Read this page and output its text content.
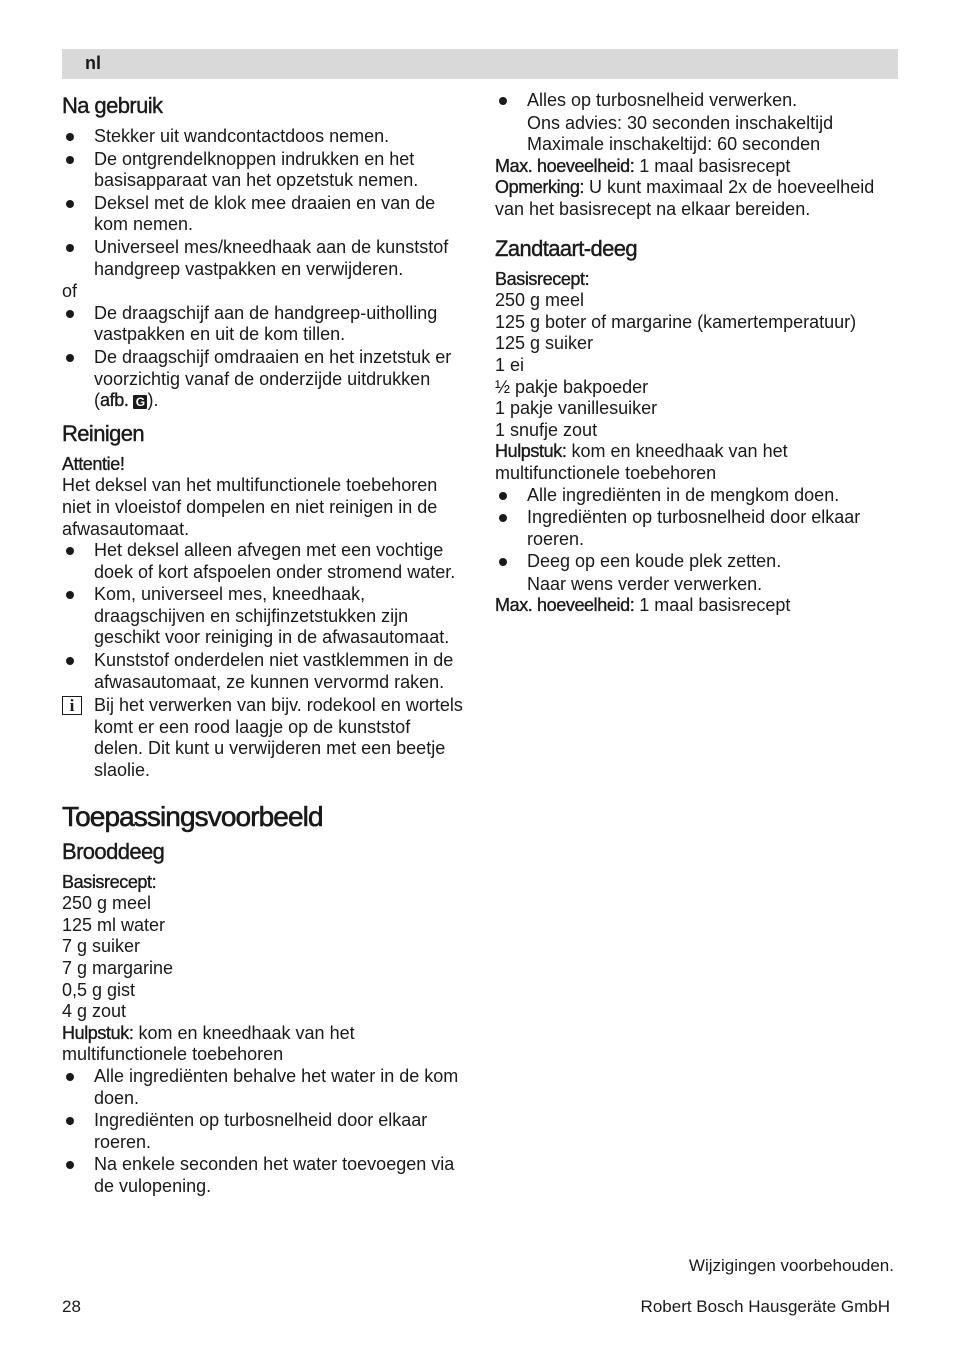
nl
Na gebruik
Stekker uit wandcontactdoos nemen.
De ontgrendelknoppen indrukken en het basisapparaat van het opzetstuk nemen.
Deksel met de klok mee draaien en van de kom nemen.
Universeel mes/kneedhaak aan de kunststof handgreep vastpakken en verwijderen.

of

De draagschijf aan de handgreep-uitholling vastpakken en uit de kom tillen.
De draagschijf omdraaien en het inzetstuk er voorzichtig vanaf de onderzijde uitdrukken (afb. G ).
Reinigen

Attentie!

Het deksel van het multifunctionele toebehoren niet in vloeistof dompelen en niet reinigen in de afwasautomaat.

Het deksel alleen afvegen met een vochtige doek of kort afspoelen onder stromend water.
Kom, universeel mes, kneedhaak, draagschijven en schijfinzetstukken zijn geschikt voor reiniging in de afwasautomaat.
Kunststof onderdelen niet vastklemmen in de afwasautomaat, ze kunnen vervormd raken.
i	Bij het verwerken van bijv. rodekool en wortels komt er een rood laagje op de kunststof delen. Dit kunt u verwijderen met een beetje slaolie.
Toepassingsvoorbeeld
Brooddeeg

Basisrecept:

250 g meel

125 ml water

7 g suiker

7 g margarine

0,5 g gist

4 g zout

Hulpstuk: kom en kneedhaak van het multifunctionele toebehoren

Alle ingrediënten behalve het water in de kom doen.
Ingrediënten op turbosnelheid door elkaar roeren.
Na enkele seconden het water toevoegen via de vulopening.
Alles op turbosnelheid verwerken.

Ons advies: 30 seconden inschakeltijd

Maximale inschakeltijd: 60 seconden

Max. hoeveelheid: 1 maal basisrecept

Opmerking: U kunt maximaal 2x de hoeveelheid van het basisrecept na elkaar bereiden.

Zandtaart-deeg

Basisrecept:

250 g meel

125 g boter of margarine (kamertemperatuur)

125 g suiker

1 ei

½ pakje bakpoeder

1 pakje vanillesuiker

1 snufje zout

Hulpstuk: kom en kneedhaak van het multifunctionele toebehoren

Alle ingrediënten in de mengkom doen.
Ingrediënten op turbosnelheid door elkaar roeren.
Deeg op een koude plek zetten.

Naar wens verder verwerken.

Max. hoeveelheid: 1 maal basisrecept

Wijzigingen voorbehouden.
28	Robert Bosch Hausgeräte GmbH
